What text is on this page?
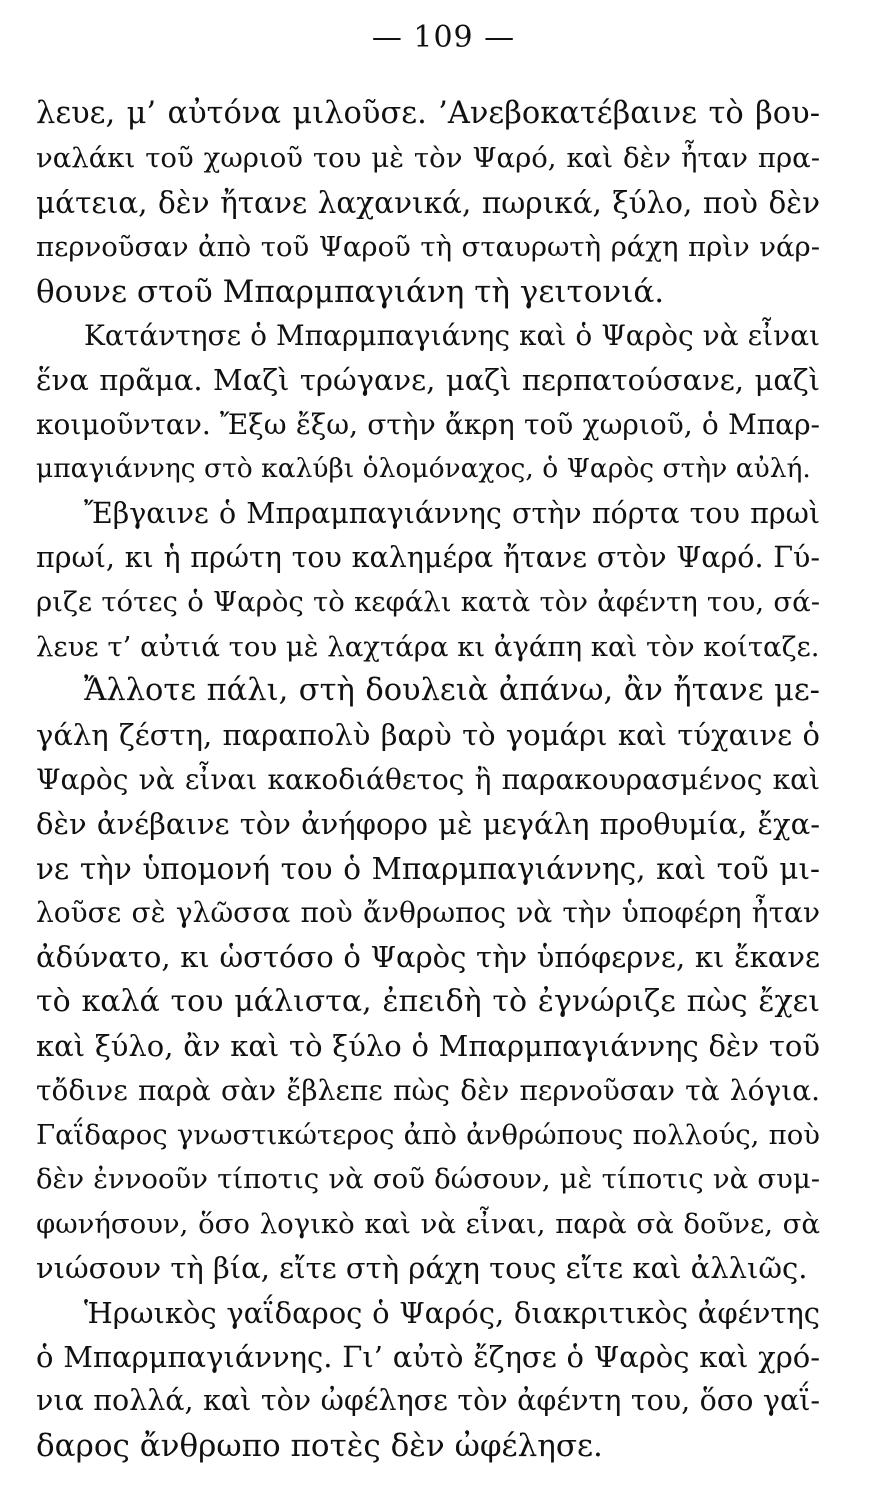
— 109 —
λευε, μ’ αὐτόνα μιλοῦσε. ’Ανεβοκατέβαινε τὸ βου-
ναλάκι τοῦ χωριοῦ του μὲ τὸν Ψαρό, καὶ δὲν ἦταν πρα-
μάτεια, δὲν ἤτανε λαχανικά, πωρικά, ξύλο, ποὺ δὲν
περνοῦσαν ἀπὸ τοῦ Ψαροῦ τὴ σταυρωτὴ ράχη πρὶν νάρ-
θουνε στοῦ Μπαρμπαγιάνη τὴ γειτονιά.
Κατάντησε ὁ Μπαρμπαγιάνης καὶ ὁ Ψαρὸς νὰ εἶναι
ἕνα πρᾶμα. Μαζὶ τρώγανε, μαζὶ περπατούσανε, μαζὶ
κοιμοῦνταν. Ἔξω ἔξω, στὴν ἄκρη τοῦ χωριοῦ, ὁ Μπαρ-
μπαγιάννης στὸ καλύβι ὁλομόναχος, ὁ Ψαρὸς στὴν αὐλή.
Ἔβγαινε ὁ Μπραμπαγιάννης στὴν πόρτα του πρωὶ
πρωί, κι ἡ πρώτη του καλημέρα ἤτανε στὸν Ψαρό. Γύ-
ριζε τότες ὁ Ψαρὸς τὸ κεφάλι κατὰ τὸν ἀφέντη του, σά-
λευε τ’ αὐτιά του μὲ λαχτάρα κι ἀγάπη καὶ τὸν κοίταζε.
Ἄλλοτε πάλι, στὴ δουλειὰ ἀπάνω, ἂν ἤτανε με-
γάλη ζέστη, παραπολὺ βαρὺ τὸ γομάρι καὶ τύχαινε ὁ
Ψαρὸς νὰ εἶναι κακοδιάθετος ἢ παρακουρασμένος καὶ
δὲν ἀνέβαινε τὸν ἀνήφορο μὲ μεγάλη προθυμία, ἔχα-
νε τὴν ὑπομονή του ὁ Μπαρμπαγιάννης, καὶ τοῦ μι-
λοῦσε σὲ γλῶσσα ποὺ ἄνθρωπος νὰ τὴν ὑποφέρη ἦταν
ἀδύνατο, κι ὡστόσο ὁ Ψαρὸς τὴν ὑπόφερνε, κι ἔκανε
τὸ καλά του μάλιστα, ἐπειδὴ τὸ ἐγνώριζε πὼς ἔχει
καὶ ξύλο, ἂν καὶ τὸ ξύλο ὁ Μπαρμπαγιάννης δὲν τοῦ
τὄδινε παρὰ σὰν ἔβλεπε πὼς δὲν περνοῦσαν τὰ λόγια.
Γαΐδαρος γνωστικώτερος ἀπὸ ἀνθρώπους πολλούς, ποὺ
δὲν ἐννοοῦν τίποτις νὰ σοῦ δώσουν, μὲ τίποτις νὰ συμ-
φωνήσουν, ὅσο λογικὸ καὶ νὰ εἶναι, παρὰ σὰ δοῦνε, σὰ
νιώσουν τὴ βία, εἴτε στὴ ράχη τους εἴτε καὶ ἀλλιῶς.
Ἡρωικὸς γαΐδαρος ὁ Ψαρός, διακριτικὸς ἀφέντης
ὁ Μπαρμπαγιάννης. Γι’ αὐτὸ ἔζησε ὁ Ψαρὸς καὶ χρό-
νια πολλά, καὶ τὸν ὠφέλησε τὸν ἀφέντη του, ὅσο γαΐ-
δαρος ἄνθρωπο ποτὲς δὲν ὠφέλησε.
